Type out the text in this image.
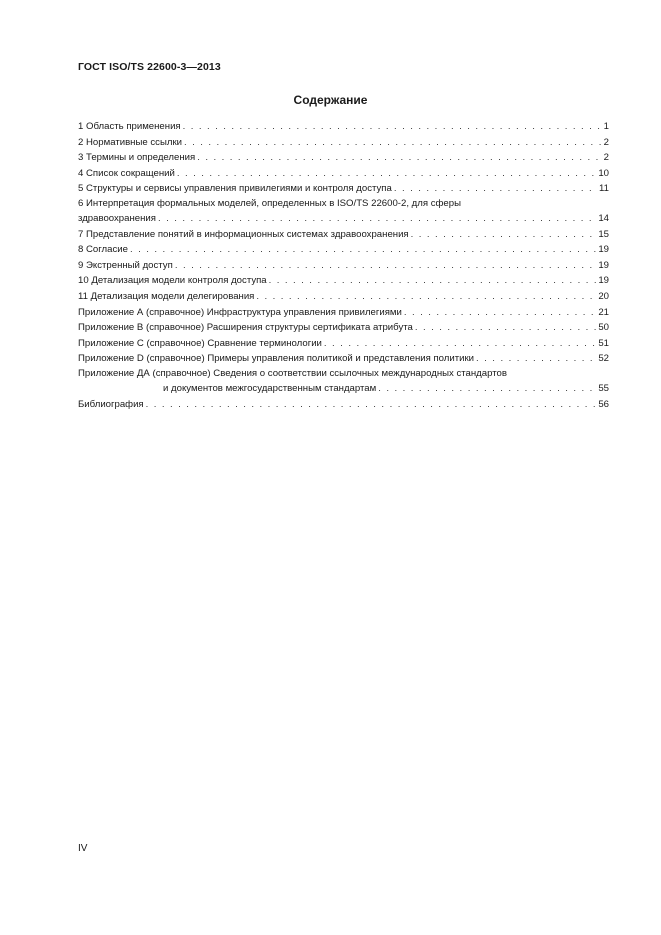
ГОСТ ISO/TS 22600-3—2013
Содержание
1 Область применения . . .	1
2 Нормативные ссылки . . .	2
3 Термины и определения . . .	2
4 Список сокращений . . .	10
5 Структуры и сервисы управления привилегиями и контроля доступа . . .	11
6 Интерпретация формальных моделей, определенных в ISO/TS 22600-2, для сферы
здравоохранения . . .	14
7 Представление понятий в информационных системах здравоохранения . . .	15
8 Согласие . . .	19
9 Экстренный доступ . . .	19
10 Детализация модели контроля доступа . . .	19
11 Детализация модели делегирования . . .	20
Приложение А (справочное) Инфраструктура управления привилегиями . . .	21
Приложение В (справочное) Расширения структуры сертификата атрибута . . .	50
Приложение С (справочное) Сравнение терминологии . . .	51
Приложение D (справочное) Примеры управления политикой и представления политики . . .	52
Приложение ДА (справочное) Сведения о соответствии ссылочных международных стандартов
и документов межгосударственным стандартам . . .	55
Библиография . . .	56
IV
